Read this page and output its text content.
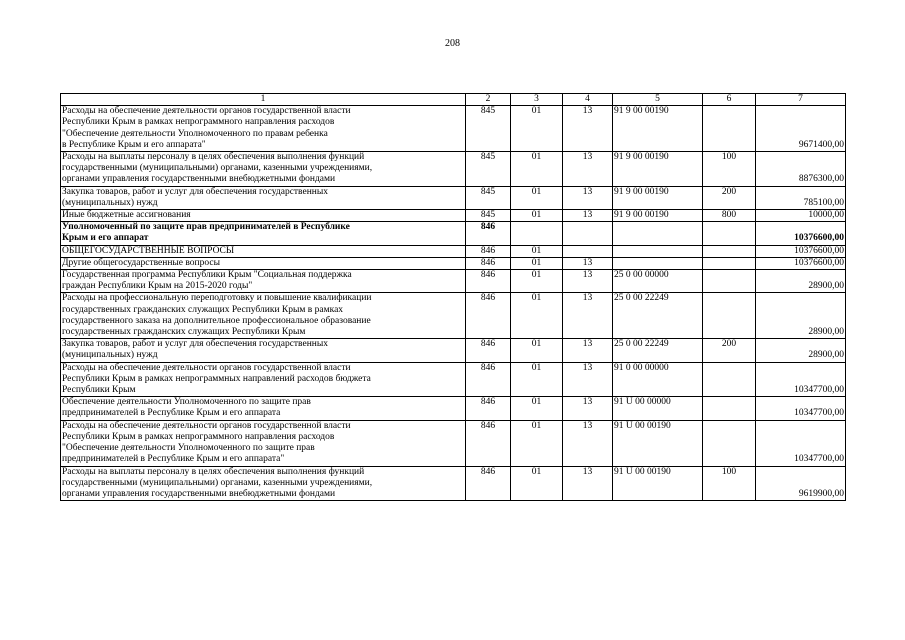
208
1	2	3	4	5	6	7

Расходы на обеспечение деятельности органов государственной власти
Республики Крым в рамках непрограммного направления расходов
"Обеспечение деятельности Уполномоченного по правам ребенка
в Республике Крым и его аппарата"	845	01	13	91 9 00 00190		9671400,00

Расходы на выплаты персоналу в целях обеспечения выполнения функций
государственными (муниципальными) органами, казенными учреждениями,
органами управления государственными внебюджетными фондами	845	01	13	91 9 00 00190	100	8876300,00

Закупка товаров, работ и услуг для обеспечения государственных
(муниципальных) нужд	845	01	13	91 9 00 00190	200	785100,00

Иные бюджетные ассигнования	845	01	13	91 9 00 00190	800	10000,00

Уполномоченный по защите прав предпринимателей в Республике
Крым и его аппарат	846					10376600,00

ОБЩЕГОСУДАРСТВЕННЫЕ ВОПРОСЫ	846	01				10376600,00

Другие общегосударственные вопросы	846	01	13			10376600,00

Государственная программа Республики Крым "Социальная поддержка
граждан Республики Крым на 2015-2020 годы"	846	01	13	25 0 00 00000		28900,00

Расходы на профессиональную переподготовку и повышение квалификации
государственных гражданских служащих Республики Крым в рамках
государственного заказа на дополнительное профессиональное образование
государственных гражданских служащих Республики Крым	846	01	13	25 0 00 22249		28900,00

Закупка товаров, работ и услуг для обеспечения государственных
(муниципальных) нужд	846	01	13	25 0 00 22249	200	28900,00

Расходы на обеспечение деятельности органов государственной власти
Республики Крым в рамках непрограммных направлений расходов бюджета
Республики Крым	846	01	13	91 0 00 00000		10347700,00

Обеспечение деятельности Уполномоченного по защите прав
предпринимателей в Республике Крым и его аппарата	846	01	13	91 U 00 00000		10347700,00

Расходы на обеспечение деятельности органов государственной власти
Республики Крым в рамках непрограммного направления расходов
"Обеспечение деятельности Уполномоченного по защите прав
предпринимателей в Республике Крым и его аппарата"	846	01	13	91 U 00 00190		10347700,00

Расходы на выплаты персоналу в целях обеспечения выполнения функций
государственными (муниципальными) органами, казенными учреждениями,
органами управления государственными внебюджетными фондами	846	01	13	91 U 00 00190	100	9619900,00
